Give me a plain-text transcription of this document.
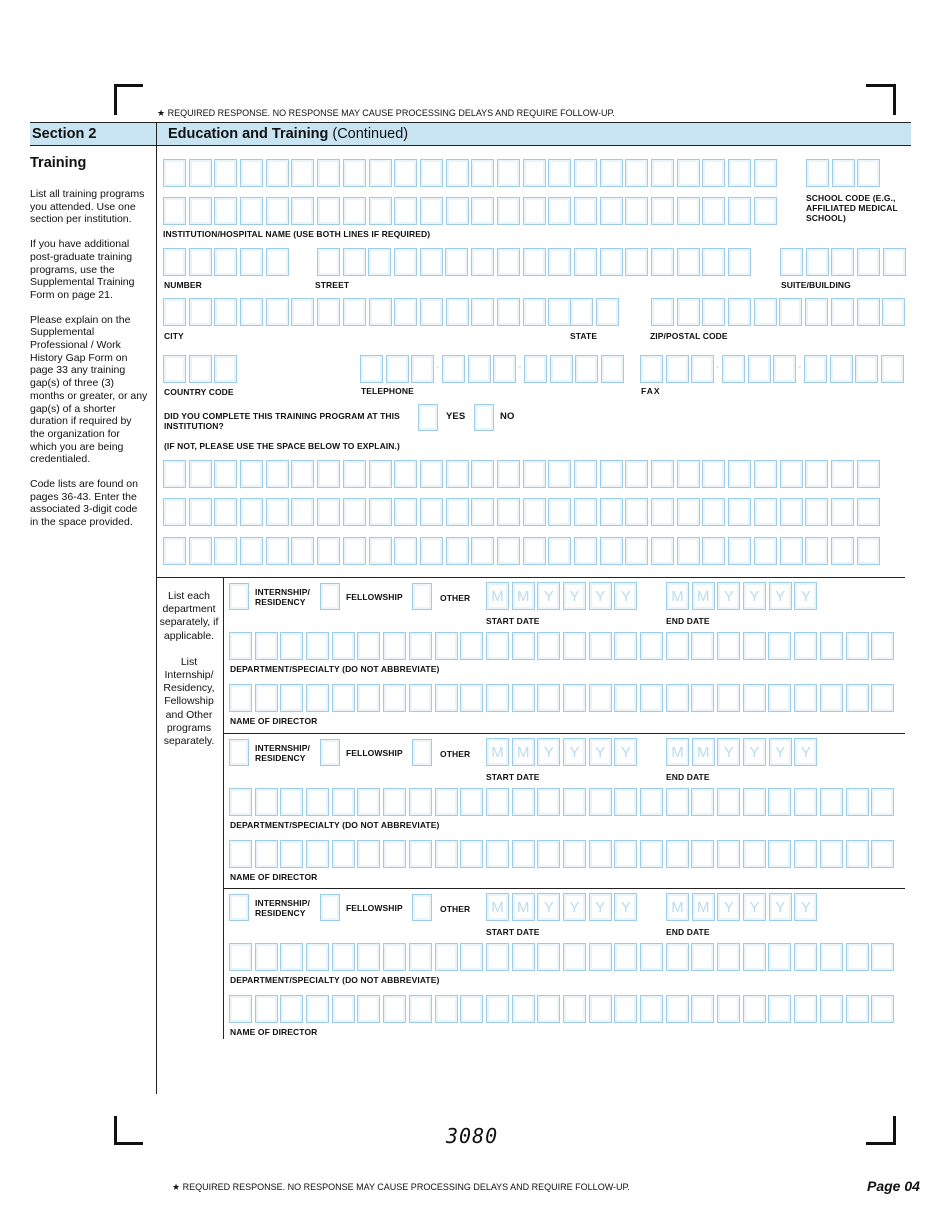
★ REQUIRED RESPONSE. NO RESPONSE MAY CAUSE PROCESSING DELAYS AND REQUIRE FOLLOW-UP.
Section 2	Education and Training (Continued)
Training

List all training programs you attended. Use one section per institution.

If you have additional post-graduate training programs, use the Supplemental Training Form on page 21.

Please explain on the Supplemental Professional / Work History Gap Form on page 33 any training gap(s) of three (3) months or greater, or any gap(s) of a shorter duration if required by the organization for which you are being credentialed.

Code lists are found on pages 36-43. Enter the associated 3-digit code in the space provided.

SCHOOL CODE (E.G., AFFILIATED MEDICAL SCHOOL)
INSTITUTION/HOSPITAL NAME (USE BOTH LINES IF REQUIRED)
NUMBER	STREET	SUITE/BUILDING
CITY	STATE	ZIP/POSTAL CODE
-	-	-	-
COUNTRY CODE	TELEPHONE	FAX
DID YOU COMPLETE THIS TRAINING PROGRAM AT THIS INSTITUTION?
YES	NO
(IF NOT, PLEASE USE THE SPACE BELOW TO EXPLAIN.)
List each department separately, if applicable.
List Internship/ Residency, Fellowship and Other programs separately.
3080
★ REQUIRED RESPONSE. NO RESPONSE MAY CAUSE PROCESSING DELAYS AND REQUIRE FOLLOW-UP.	Page 04
INTERNSHIP/ RESIDENCY	FELLOWSHIP	OTHER
START DATE	END DATE
DEPARTMENT/SPECIALTY (DO NOT ABBREVIATE)
NAME OF DIRECTOR
M M Y	Y	Y	Y	M M Y	Y	Y	Y
INTERNSHIP/ RESIDENCY	FELLOWSHIP	OTHER
START DATE	END DATE
DEPARTMENT/SPECIALTY (DO NOT ABBREVIATE)
NAME OF DIRECTOR
M M Y	Y	Y	Y	M M Y	Y	Y	Y
INTERNSHIP/ RESIDENCY	FELLOWSHIP	OTHER
START DATE	END DATE
DEPARTMENT/SPECIALTY (DO NOT ABBREVIATE)
NAME OF DIRECTOR
M M Y	Y	Y	Y	M M Y	Y	Y	Y
